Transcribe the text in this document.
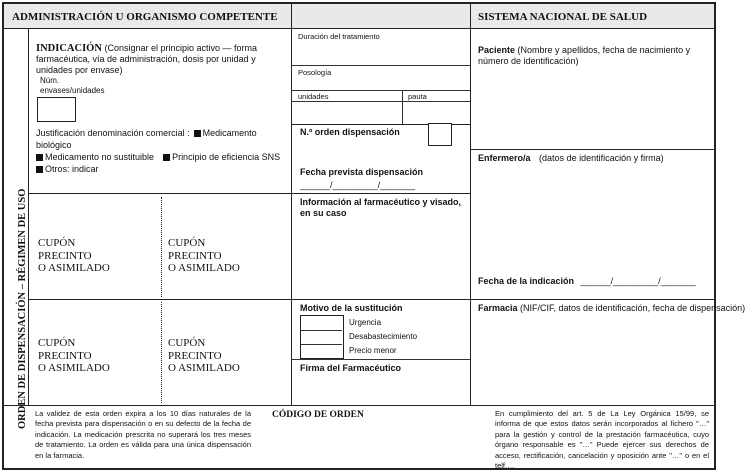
ADMINISTRACIÓN U ORGANISMO COMPETENTE	SISTEMA NACIONAL DE SALUD
ORDEN DE DISPENSACIÓN – RÉGIMEN DE USO
INDICACIÓN (Consignar el principio activo — forma farmacéutica, vía de administración, dosis por unidad y unidades por envase)
Núm. envases/unidades
Justificación denominación comercial : Medicamento biológico
Medicamento no sustituible Principio de eficiencia SNS
Otros: indicar
Duración del tratamiento
Posología
unidades	pauta
N.º orden dispensación
Fecha prevista dispensación
______/_________/_______
CUPÓN
PRECINTO
O ASIMILADO
CUPÓN
PRECINTO
O ASIMILADO
CUPÓN
PRECINTO
O ASIMILADO
CUPÓN
PRECINTO
O ASIMILADO
Información al farmacéutico y visado, en su caso
Motivo de la sustitución
Urgencia
Desabastecimiento
Precio menor
Firma del Farmacéutico
Paciente (Nombre y apellidos, fecha de nacimiento y número de identificación)
Enfermero/a (datos de identificación y firma)
Fecha de la indicación ______/_________/_______
Farmacia (NIF/CIF, datos de identificación, fecha de dispensación)
La validez de esta orden expira a los 10 días naturales de la fecha prevista para dispensación o en su defecto de la fecha de indicación. La medicación prescrita no superará los tres meses de tratamiento. La orden es válida para una única dispensación en la farmacia.
CÓDIGO DE ORDEN	En cumplimiento del art. 5 de La Ley Orgánica 15/99, se informa de que estos datos serán incorporados al fichero "…" para la gestión y control de la prestación farmacéutica, cuyo órgano responsable es "…" Puede ejercer sus derechos de acceso, rectificación, cancelación y oposición ante "…" o en el telf.…
